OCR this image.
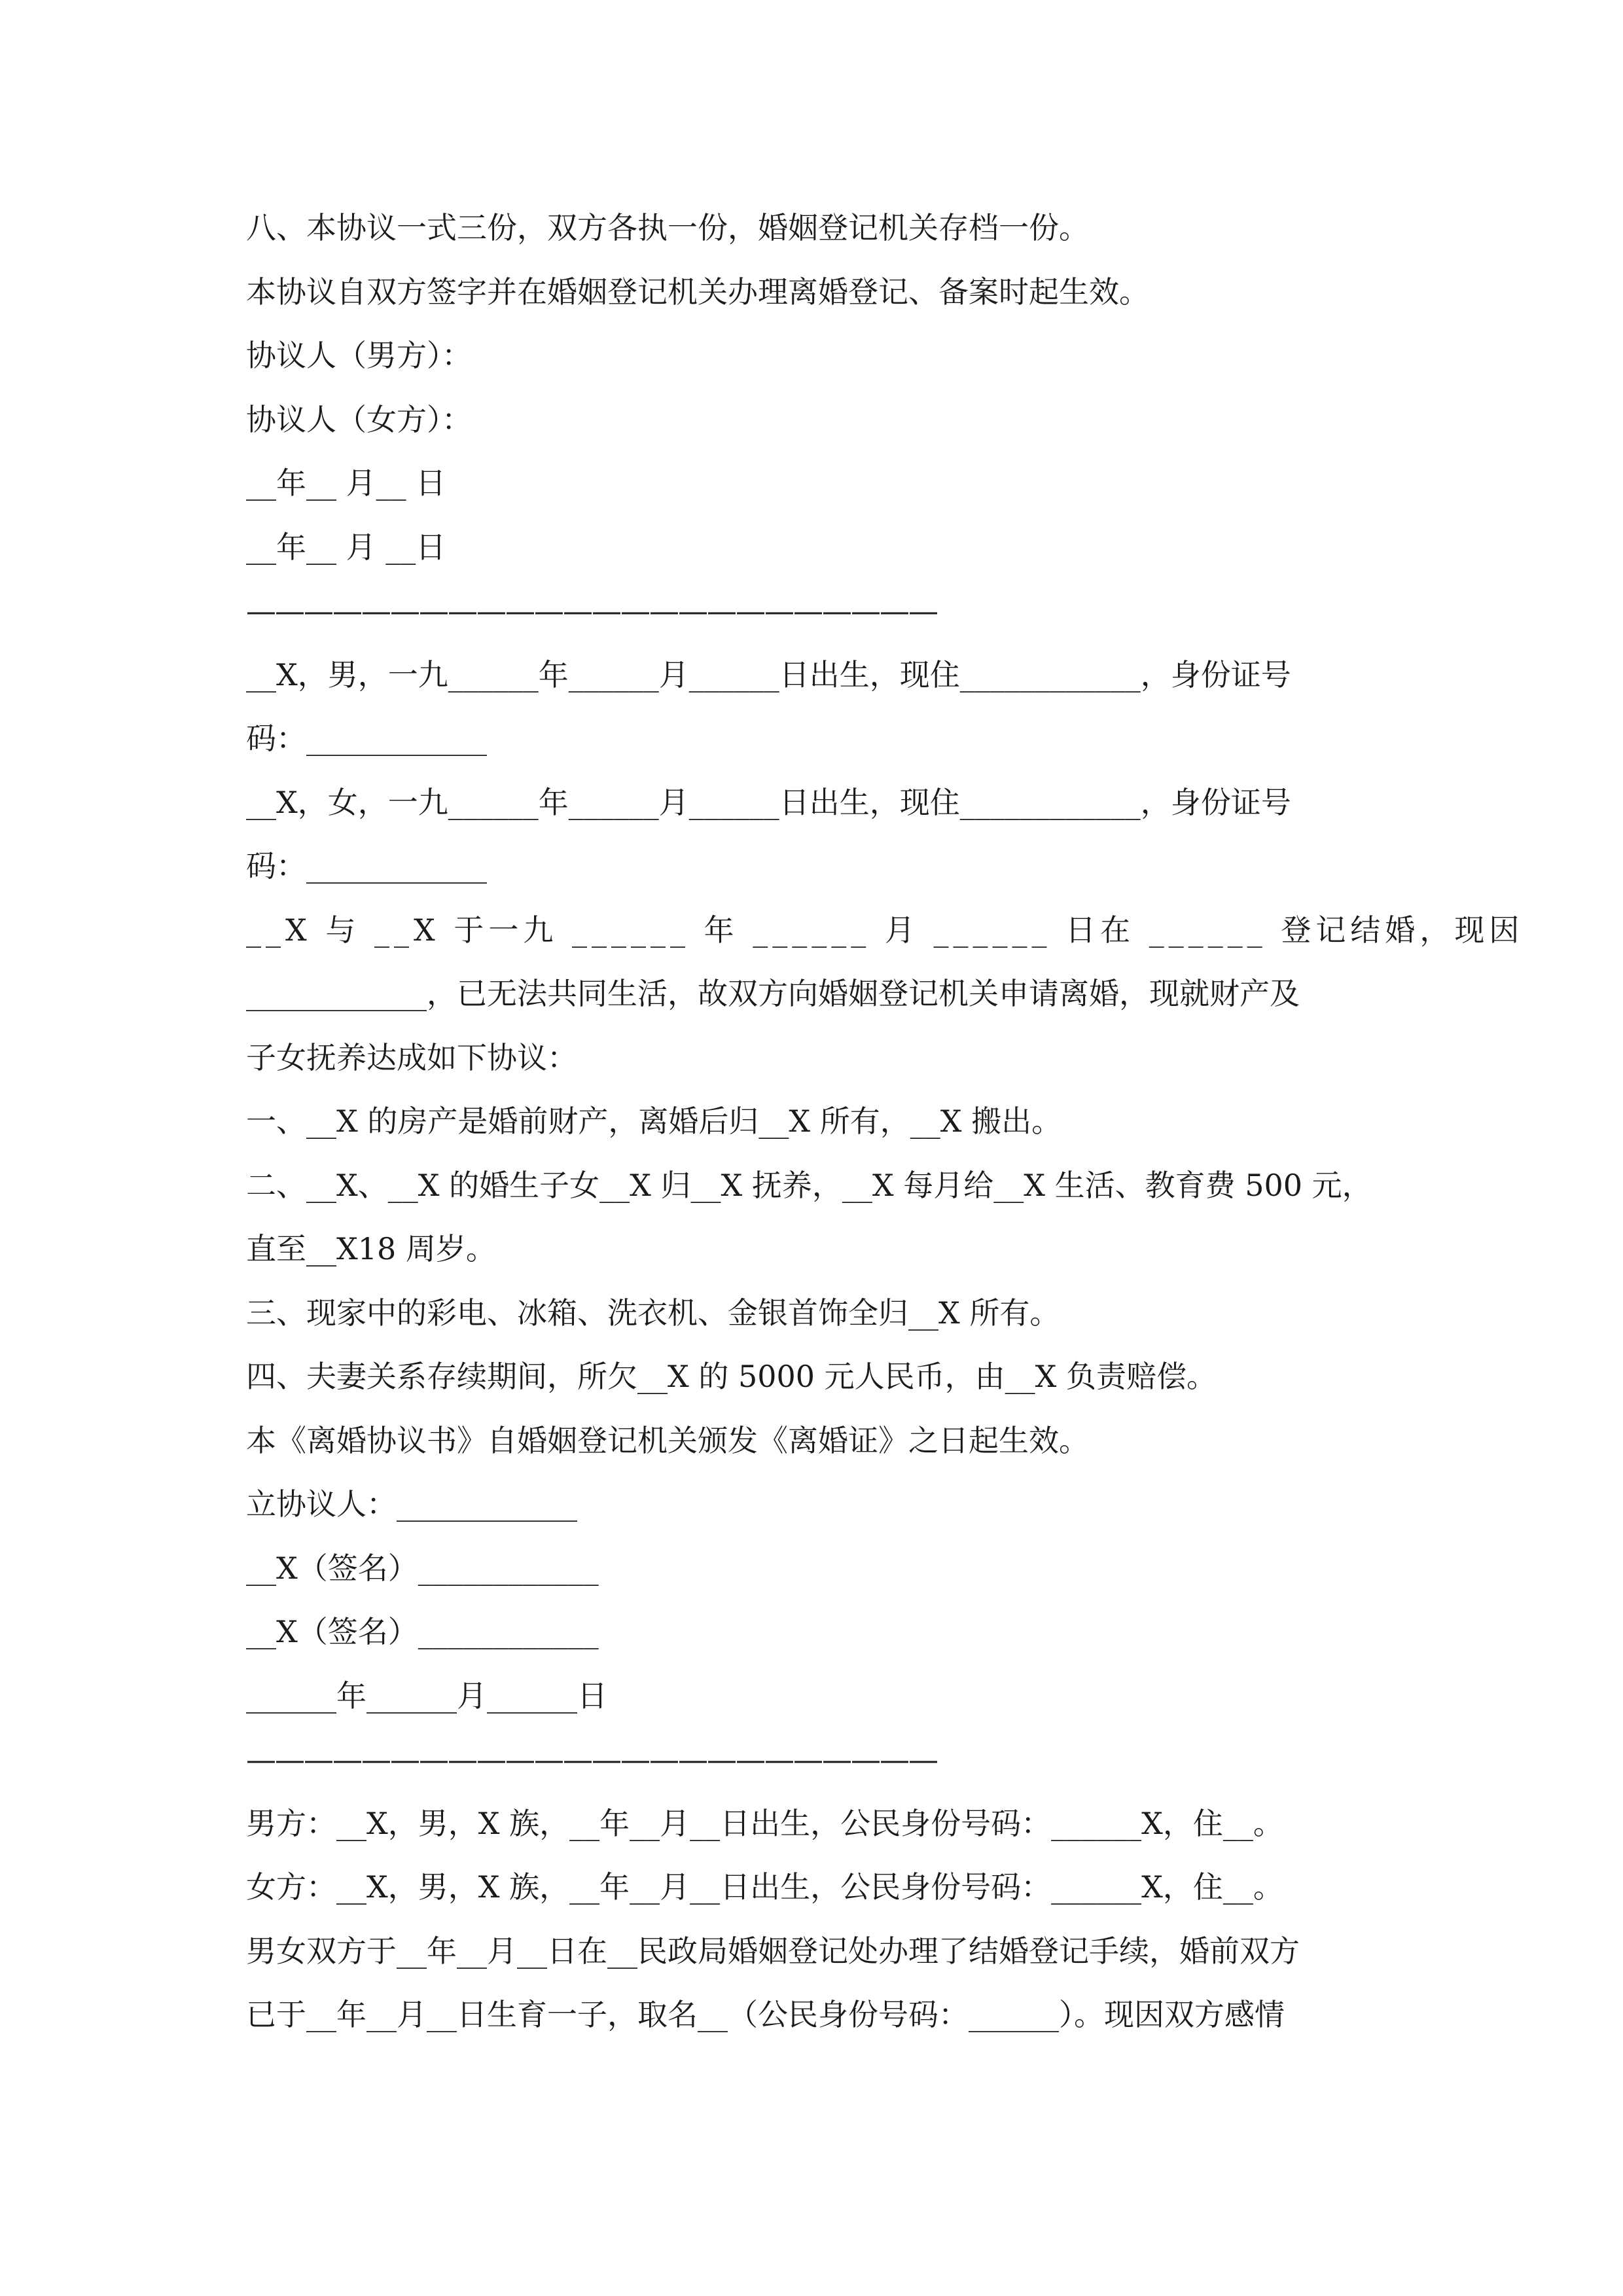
八、本协议一式三份，双方各执一份，婚姻登记机关存档一份。
本协议自双方签字并在婚姻登记机关办理离婚登记、备案时起生效。
协议人（男方）：
协议人（女方）：
__年__ 月__ 日
__年__ 月 __日
————————————————————————
__X，男，一九______年______月______日出生，现住____________，身份证号
码：____________
__X，女，一九______年______月______日出生，现住____________，身份证号
码：____________
__X 与 __X 于一九 ______ 年 ______ 月 ______ 日在 ______ 登记结婚，现因
____________，已无法共同生活，故双方向婚姻登记机关申请离婚，现就财产及
子女抚养达成如下协议：
一、__X 的房产是婚前财产，离婚后归__X 所有，__X 搬出。
二、__X、__X 的婚生子女__X 归__X 抚养，__X 每月给__X 生活、教育费 500 元，
直至__X18 周岁。
三、现家中的彩电、冰箱、洗衣机、金银首饰全归__X 所有。
四、夫妻关系存续期间，所欠__X 的 5000 元人民币，由__X 负责赔偿。
本《离婚协议书》自婚姻登记机关颁发《离婚证》之日起生效。
立协议人：____________
__X（签名）____________
__X（签名）____________
______年______月______日
————————————————————————
男方：__X，男，X 族，__年__月__日出生，公民身份号码：______X，住__。
女方：__X，男，X 族，__年__月__日出生，公民身份号码：______X，住__。
男女双方于__年__月__日在__民政局婚姻登记处办理了结婚登记手续，婚前双方
已于__年__月__日生育一子，取名__（公民身份号码：______）。现因双方感情
